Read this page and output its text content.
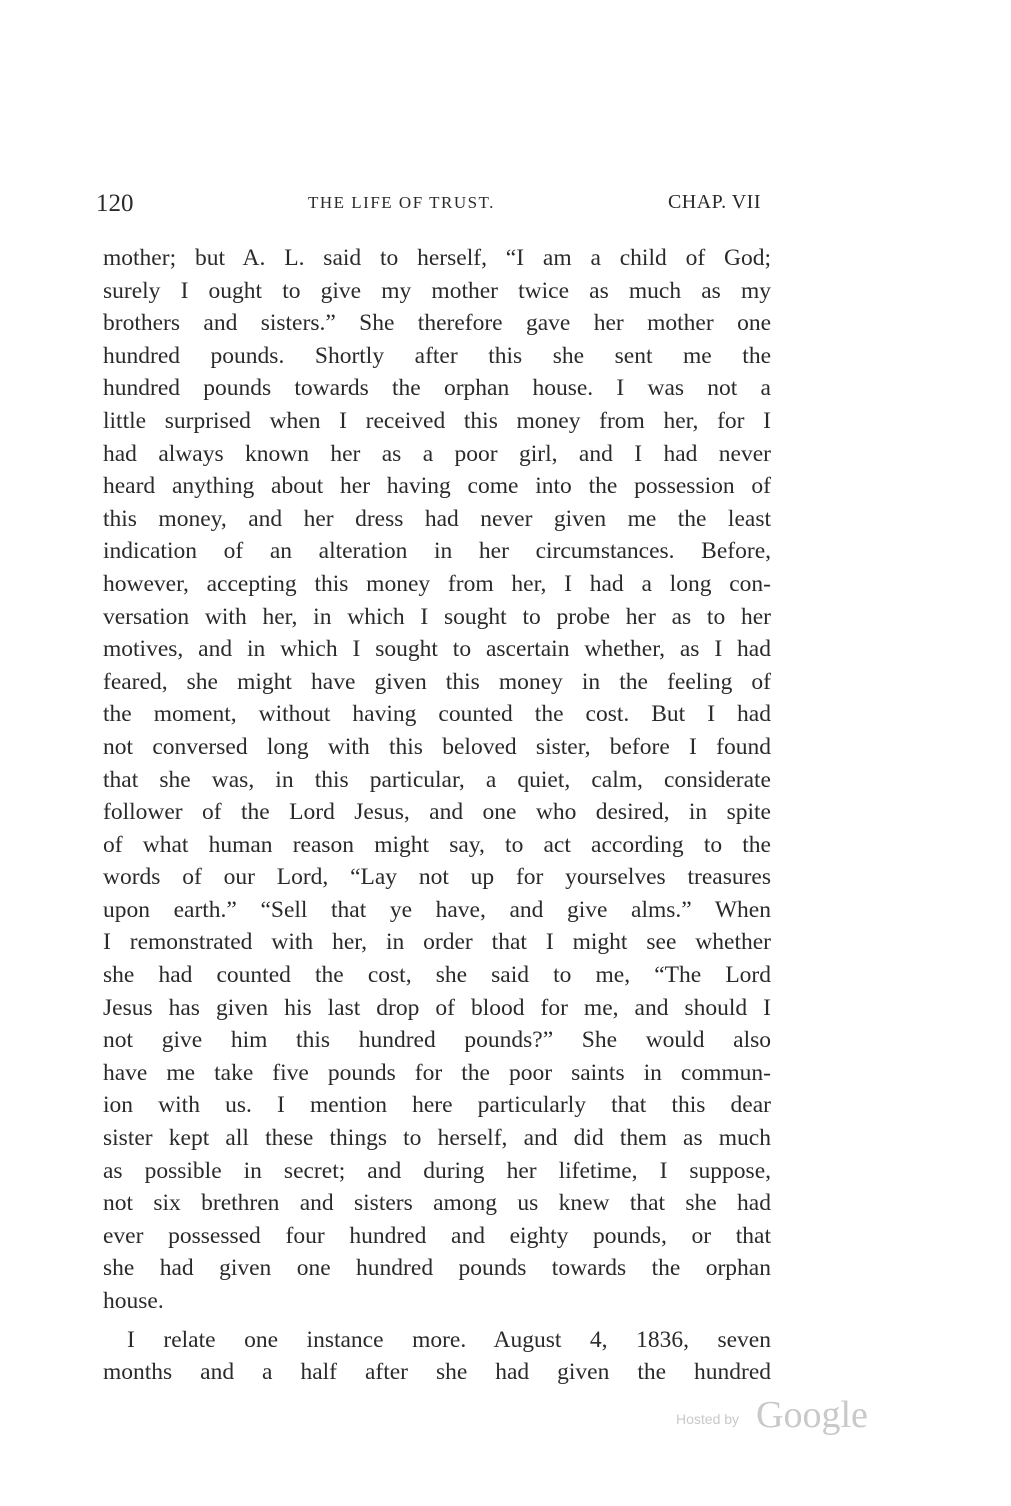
120	THE LIFE OF TRUST.	CHAP. VII
mother; but A. L. said to herself, “I am a child of God;
surely I ought to give my mother twice as much as my
brothers and sisters.” She therefore gave her mother one
hundred pounds. Shortly after this she sent me the
hundred pounds towards the orphan house. I was not a
little surprised when I received this money from her, for I
had always known her as a poor girl, and I had never
heard anything about her having come into the possession of
this money, and her dress had never given me the least
indication of an alteration in her circumstances. Before,
however, accepting this money from her, I had a long con-
versation with her, in which I sought to probe her as to her
motives, and in which I sought to ascertain whether, as I had
feared, she might have given this money in the feeling of
the moment, without having counted the cost. But I had
not conversed long with this beloved sister, before I found
that she was, in this particular, a quiet, calm, considerate
follower of the Lord Jesus, and one who desired, in spite
of what human reason might say, to act according to the
words of our Lord, “Lay not up for yourselves treasures
upon earth.” “Sell that ye have, and give alms.” When
I remonstrated with her, in order that I might see whether
she had counted the cost, she said to me, “The Lord
Jesus has given his last drop of blood for me, and should I
not give him this hundred pounds?” She would also
have me take five pounds for the poor saints in commun-
ion with us. I mention here particularly that this dear
sister kept all these things to herself, and did them as much
as possible in secret; and during her lifetime, I suppose,
not six brethren and sisters among us knew that she had
ever possessed four hundred and eighty pounds, or that
she had given one hundred pounds towards the orphan
house.
I relate one instance more. August 4, 1836, seven
months and a half after she had given the hundred
Hosted by Google
